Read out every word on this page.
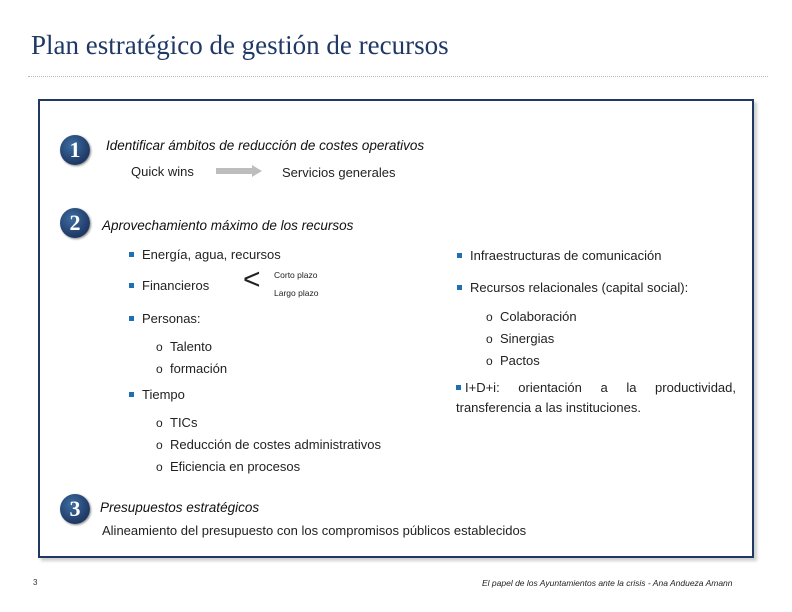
Plan estratégico de gestión de recursos
1	Identificar ámbitos de reducción de costes operativos
Quick wins	Servicios generales
2	Aprovechamiento máximo de los recursos
Energía, agua, recursos
Financieros < Corto plazo
Largo plazo
Personas:
o Talento
o formación
Tiempo
o TICs
o Reducción de costes administrativos
o Eficiencia en procesos
Infraestructuras de comunicación
Recursos relacionales (capital social):
o Colaboración
o Sinergias
o Pactos
I+D+i: orientación a la productividad, transferencia a las instituciones.
3	Presupuestos estratégicos
Alineamiento del presupuesto con los compromisos públicos establecidos
3	El papel de los Ayuntamientos ante la crisis - Ana Andueza Amann
